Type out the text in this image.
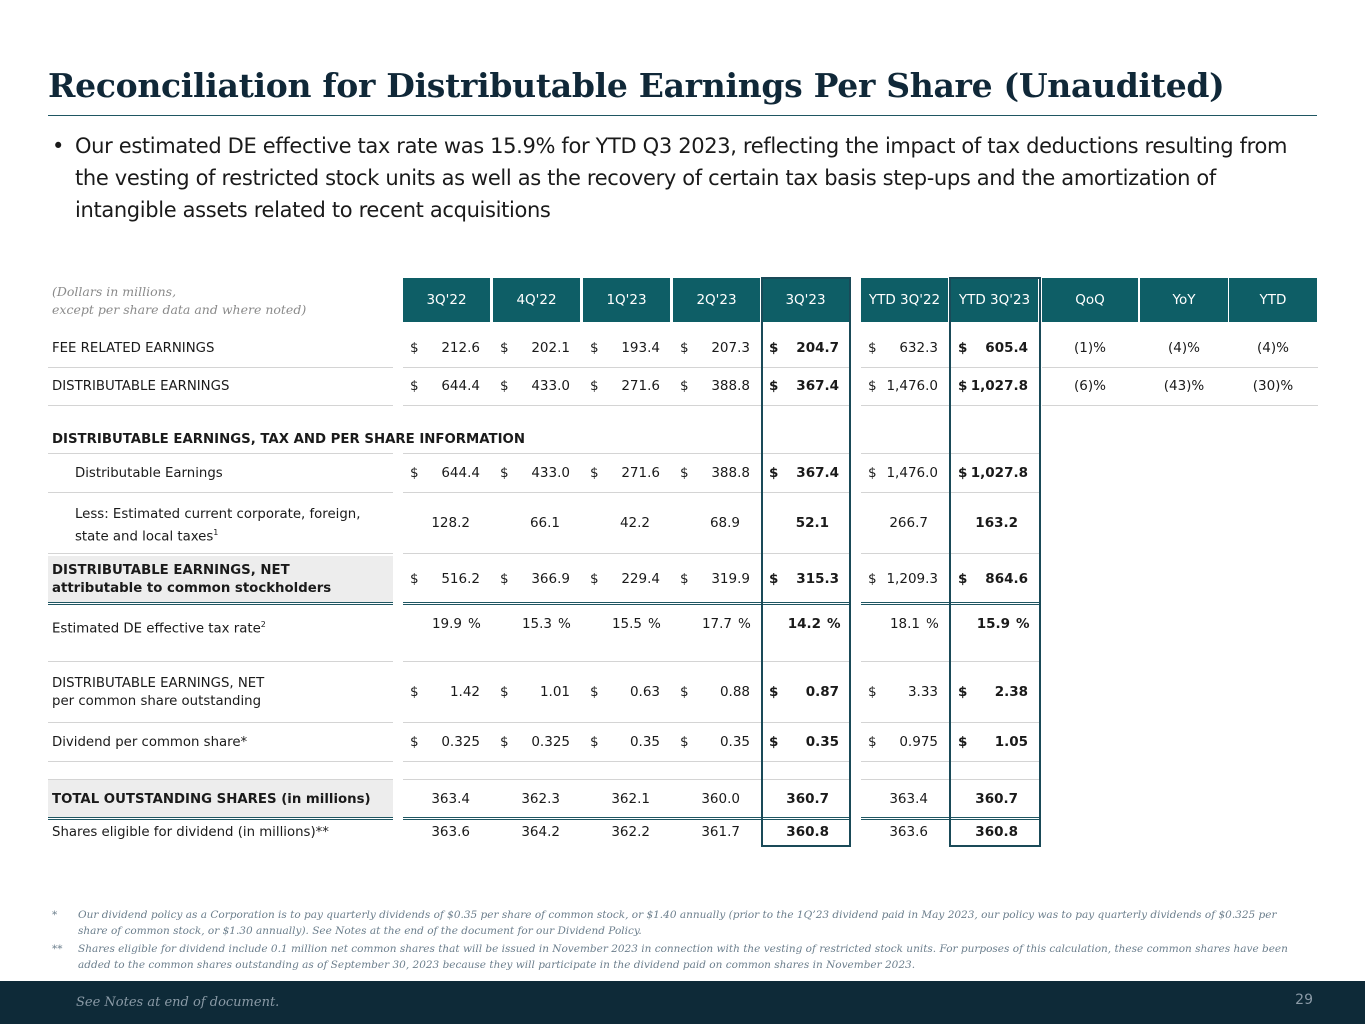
Reconciliation for Distributable Earnings Per Share (Unaudited)
• Our estimated DE effective tax rate was 15.9% for YTD Q3 2023, reflecting the impact of tax deductions resulting from the vesting of restricted stock units as well as the recovery of certain tax basis step-ups and the amortization of intangible assets related to recent acquisitions
(Dollars in millions,
except per share data and where noted)
3Q'22	4Q'22	1Q'23	2Q'23	3Q'23	YTD 3Q'22	YTD 3Q'23	QoQ	YoY	YTD
FEE RELATED EARNINGS	$ 212.6 $ 202.1 $ 193.4 $ 207.3 $ 204.7 $ 632.3 $ 605.4	(1)%	(4)%	(4)%
DISTRIBUTABLE EARNINGS	$ 644.4 $ 433.0 $ 271.6 $ 388.8 $ 367.4 $ 1,476.0 $ 1,027.8	(6)%	(43)%	(30)%
DISTRIBUTABLE EARNINGS, TAX AND PER SHARE INFORMATION
Distributable Earnings	$ 644.4 $ 433.0 $ 271.6 $ 388.8 $ 367.4 $ 1,476.0 $ 1,027.8
Less: Estimated current corporate, foreign,
state and local taxes$^1$
128.2	66.1	42.2	68.9	52.1	266.7	163.2
DISTRIBUTABLE EARNINGS, NET
attributable to common stockholders
$ 516.2 $ 366.9 $ 229.4 $ 319.9 $ 315.3 $ 1,209.3 $ 864.6
Estimated DE effective tax rate$^2$	19.9 %	15.3 %	15.5 %	17.7 %	14.2 %	18.1 %	15.9 %
DISTRIBUTABLE EARNINGS, NET
per common share outstanding
$ 1.42 $ 1.01 $ 0.63 $ 0.88 $ 0.87 $ 3.33 $ 2.38
Dividend per common share*	$ 0.325 $ 0.325 $ 0.35 $ 0.35 $ 0.35 $ 0.975 $ 1.05
TOTAL OUTSTANDING SHARES (in millions)	363.4	362.3	362.1	360.0	360.7	363.4	360.7
Shares eligible for dividend (in millions)**	363.6	364.2	362.2	361.7	360.8	363.6	360.8
* Our dividend policy as a Corporation is to pay quarterly dividends of $0.35 per share of common stock, or $1.40 annually (prior to the 1Q’23 dividend paid in May 2023, our policy was to pay quarterly dividends of $0.325 per share of common stock, or $1.30 annually). See Notes at the end of the document for our Dividend Policy.
** Shares eligible for dividend include 0.1 million net common shares that will be issued in November 2023 in connection with the vesting of restricted stock units. For purposes of this calculation, these common shares have been added to the common shares outstanding as of September 30, 2023 because they will participate in the dividend paid on common shares in November 2023.
See Notes at end of document.	29
